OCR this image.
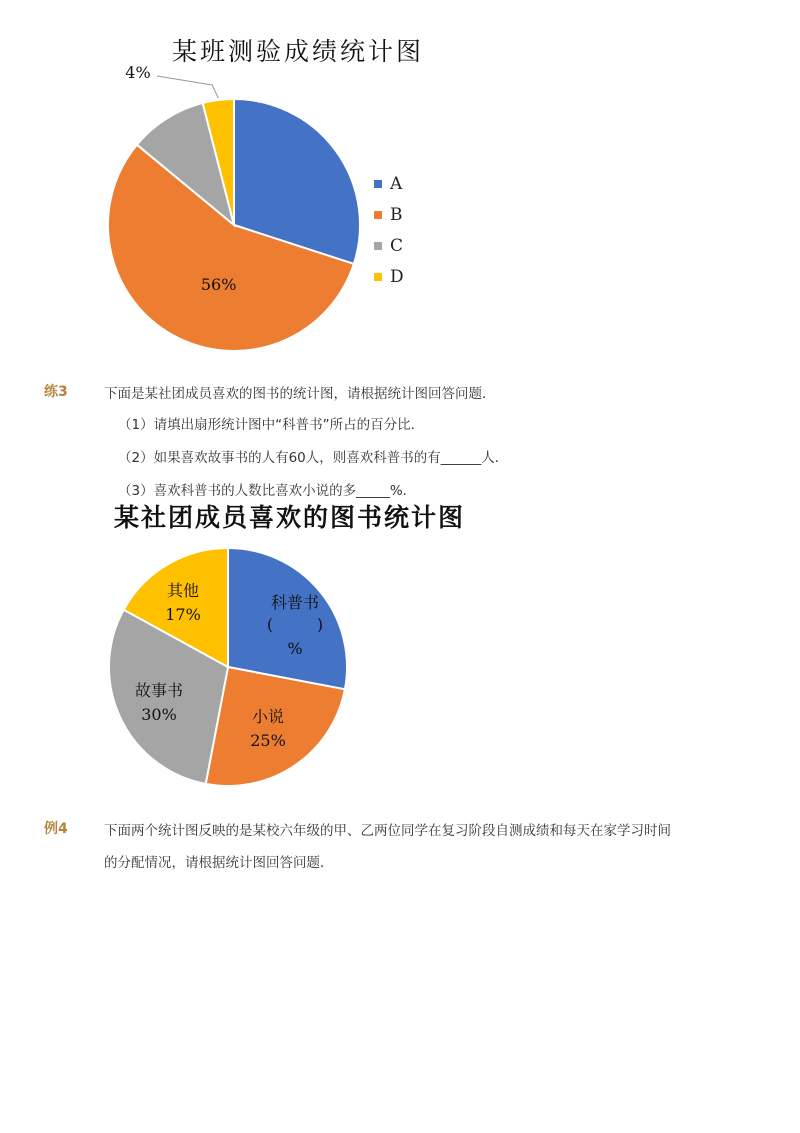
某班测验成绩统计图
56%
4%
A
B
C
D
练3	下面是某社团成员喜欢的图书的统计图，请根据统计图回答问题．
（1）请填出扇形统计图中“科普书”所占的百分比．
（2）如果喜欢故事书的人有60人，则喜欢科普书的有______人．
（3）喜欢科普书的人数比喜欢小说的多_____%．
某社团成员喜欢的图书统计图
科普书
(	)
%
小说
25%
故事书
30%
其他
17%
例4	下面两个统计图反映的是某校六年级的甲、乙两位同学在复习阶段自测成绩和每天在家学习时间
的分配情况，请根据统计图回答问题．
